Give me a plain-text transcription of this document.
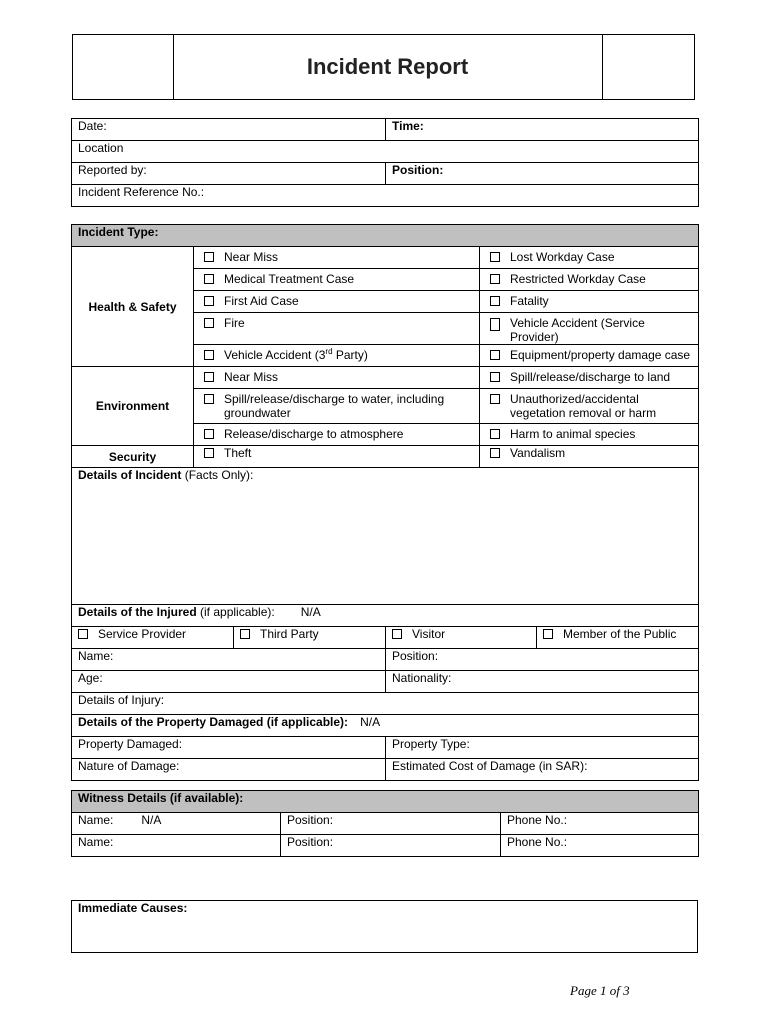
Incident Report
Date:	Time:
Location	
Reported by:	Position:
Incident Reference No.:	
Incident Type:					
Health & Safety	Near Miss			Lost Workday Case	

	Medical Treatment Case			Restricted Workday Case	

	First Aid Case			Fatality	

	Fire			Vehicle Accident (Service Provider)	

	Vehicle Accident (3rd Party)			Equipment/property damage case	

Environment	Near Miss			Spill/release/discharge to land	

	Spill/release/discharge to water, including groundwater			Unauthorized/accidental vegetation removal or harm	

	Release/discharge to atmosphere			Harm to animal species	

Security	Theft			Vandalism	

Details of Incident (Facts Only):					
Details of the Injured (if applicable): N/A					
Service Provider		Third Party	Visitor		Member of the Public
Name:			Position:		
Age:			Nationality:		
Details of Injury:					
Details of the Property Damaged (if applicable): N/A					
Property Damaged:			Property Type:		
Nature of Damage:			Estimated Cost of Damage (in SAR):		
Witness Details (if available):		
Name: N/A	Position:	Phone No.:
Name:	Position:	Phone No.:
Immediate Causes:
Page 1 of 3
